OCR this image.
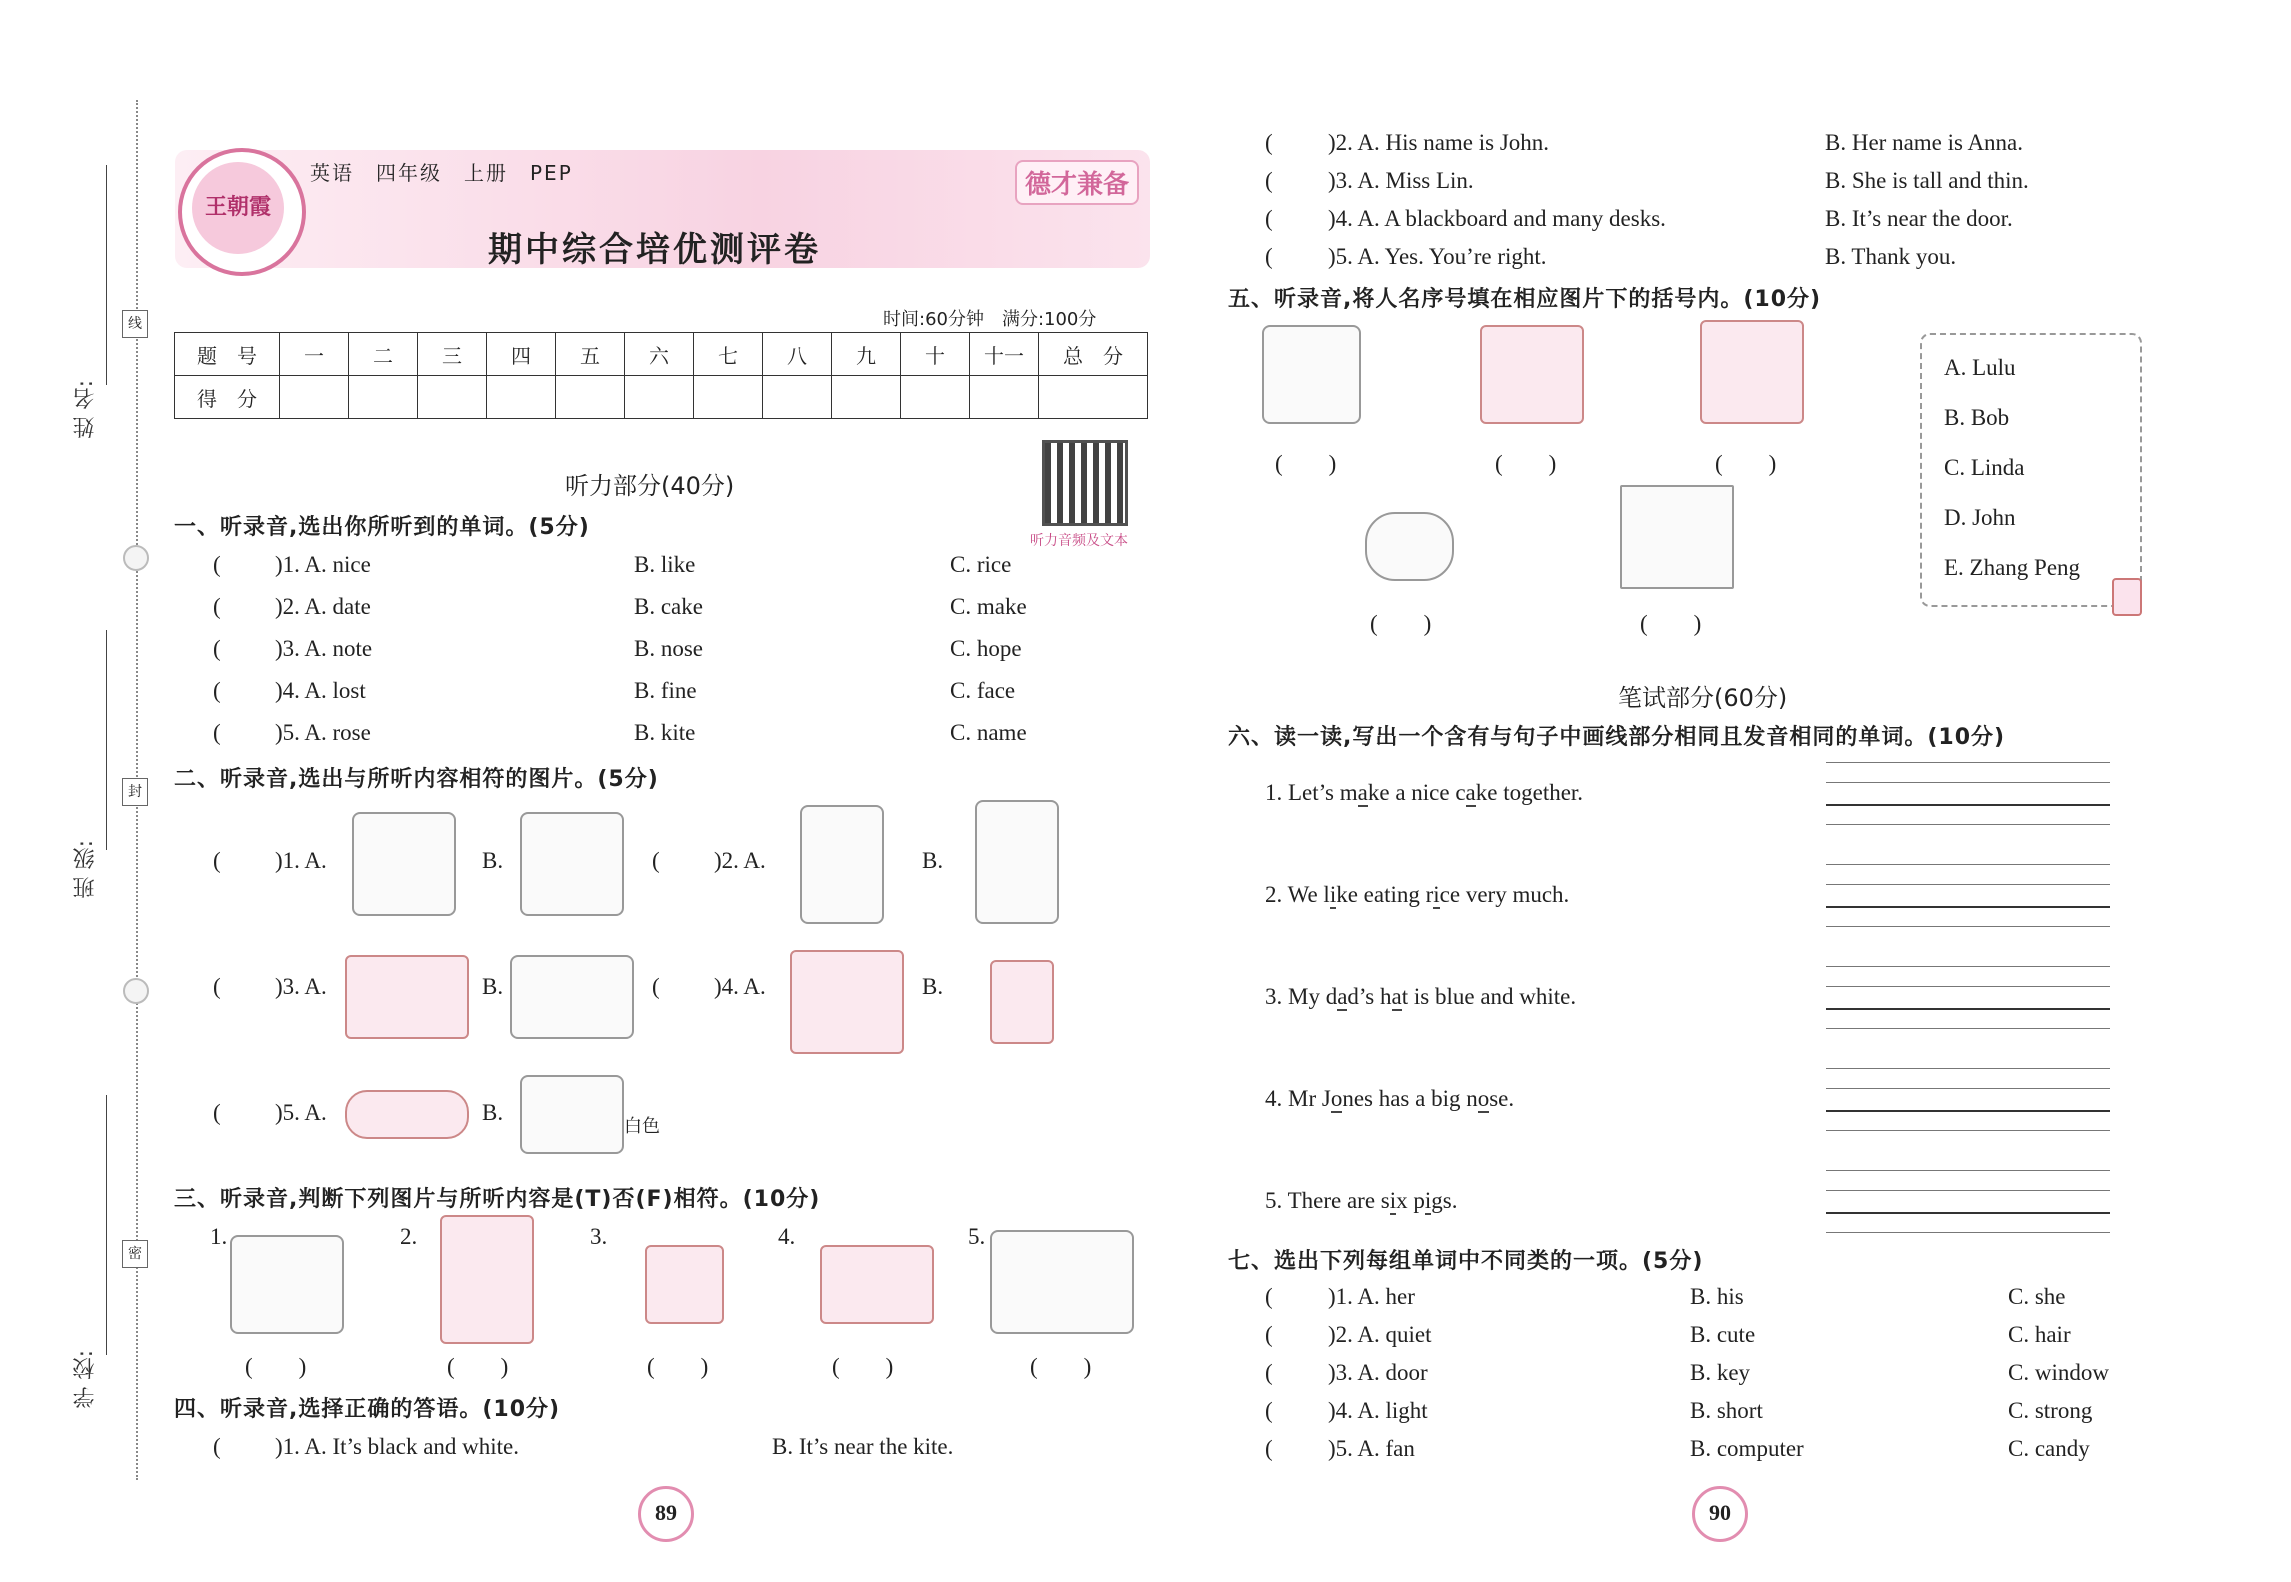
姓 名:
线
班 级:
封
学 校:
密
王朝霞
英语　四年级　上册　PEP	德才兼备
期中综合培优测评卷
时间:60分钟　满分:100分
题　号	一	二	三	四	五	六	七	八	九	十	十一	总　分
得　分												
听力部分(40分)
听力音频及文本
一、听录音,选出你所听到的单词。(5分)
( )1. A. nice	B. like	C. rice
( )2. A. date	B. cake	C. make
( )3. A. note	B. nose	C. hope
( )4. A. lost	B. fine	C. face
( )5. A. rose	B. kite	C. name
二、听录音,选出与所听内容相符的图片。(5分)
( )1. A.	B.	( )2. A.	B.
( )3. A.	B.	( )4. A.	B.
( )5. A.	B.
白色
三、听录音,判断下列图片与所听内容是(T)否(F)相符。(10分)
1.
(　　)
2.
(　　)
3.
(　　)
4.
(　　)
5.
(　　)
四、听录音,选择正确的答语。(10分)
( )1. A. It’s black and white.	B. It’s near the kite.
89
( )2. A. His name is John.	B. Her name is Anna.
( )3. A. Miss Lin.	B. She is tall and thin.
( )4. A. A blackboard and many desks.	B. It’s near the door.
( )5. A. Yes. You’re right.	B. Thank you.
五、听录音,将人名序号填在相应图片下的括号内。(10分)
(　　)	(　　)	(　　)
(　　)	(　　)
A. Lulu
B. Bob
C. Linda
D. John
E. Zhang Peng
笔试部分(60分)
六、读一读,写出一个含有与句子中画线部分相同且发音相同的单词。(10分)
1. Let’s make a nice cake together.
2. We like eating rice very much.
3. My dad’s hat is blue and white.
4. Mr Jones has a big nose.
5. There are six pigs.
七、选出下列每组单词中不同类的一项。(5分)
( )1. A. her	B. his	C. she
( )2. A. quiet	B. cute	C. hair
( )3. A. door	B. key	C. window
( )4. A. light	B. short	C. strong
( )5. A. fan	B. computer	C. candy
90
